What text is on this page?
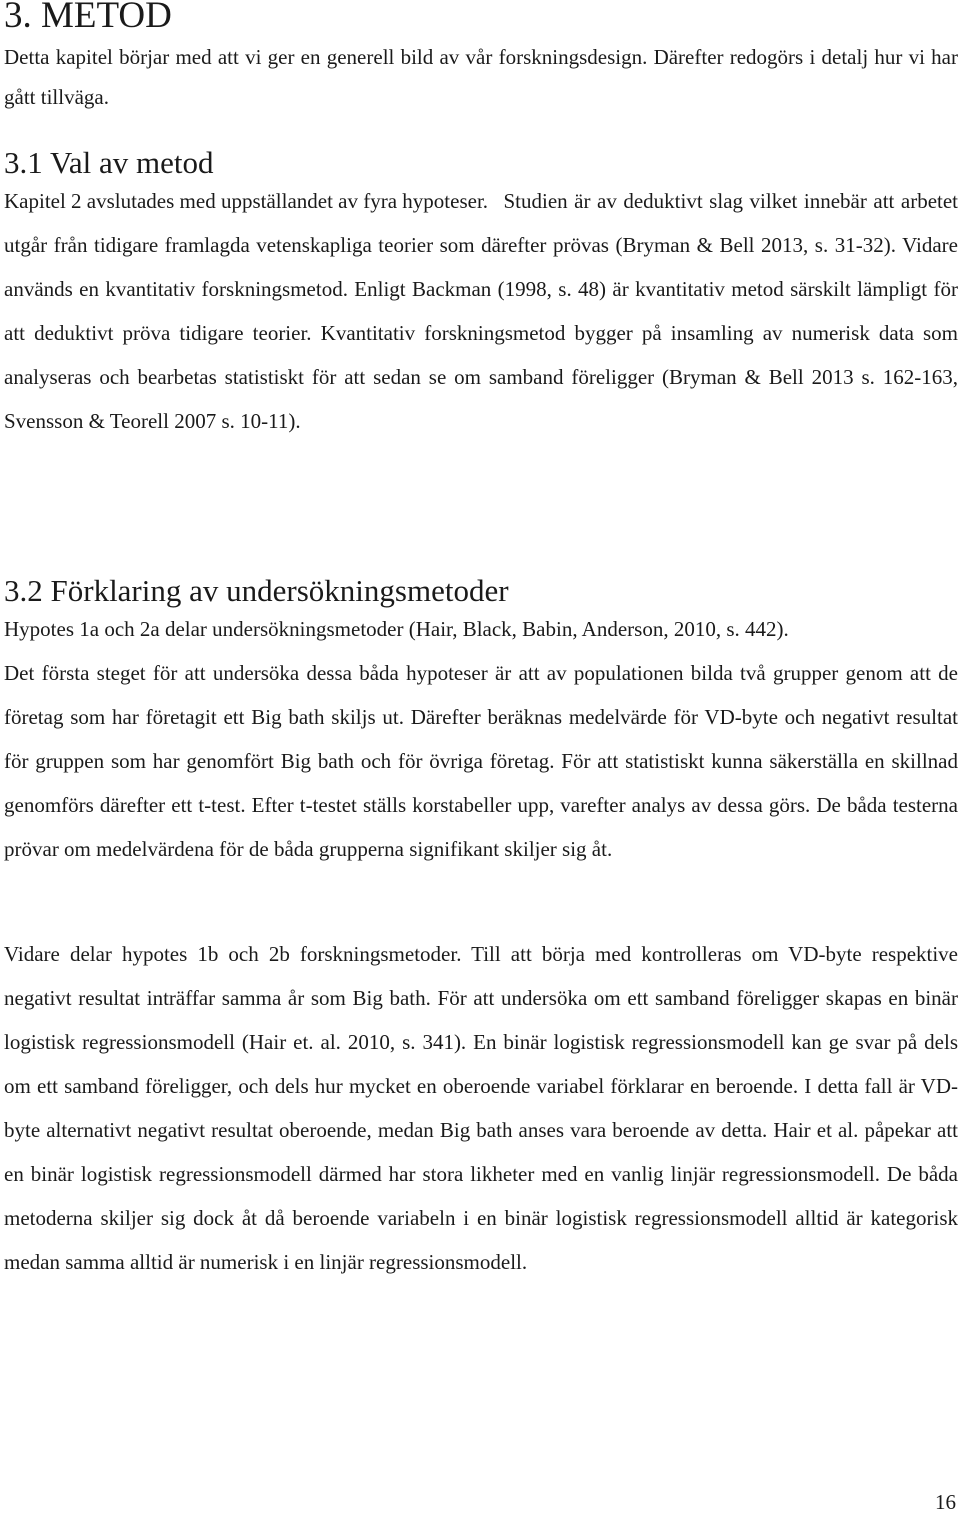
3. METOD

Detta kapitel börjar med att vi ger en generell bild av vår forskningsdesign. Därefter redogörs i detalj hur vi har gått tillväga.

3.1 Val av metod

Kapitel 2 avslutades med uppställandet av fyra hypoteser. Studien är av deduktivt slag vilket innebär att arbetet utgår från tidigare framlagda vetenskapliga teorier som därefter prövas (Bryman & Bell 2013, s. 31-32). Vidare används en kvantitativ forskningsmetod. Enligt Backman (1998, s. 48) är kvantitativ metod särskilt lämpligt för att deduktivt pröva tidigare teorier. Kvantitativ forskningsmetod bygger på insamling av numerisk data som analyseras och bearbetas statistiskt för att sedan se om samband föreligger (Bryman & Bell 2013 s. 162-163, Svensson & Teorell 2007 s. 10-11).

3.2 Förklaring av undersökningsmetoder

Hypotes 1a och 2a delar undersökningsmetoder (Hair, Black, Babin, Anderson, 2010, s. 442).

Det första steget för att undersöka dessa båda hypoteser är att av populationen bilda två grupper genom att de företag som har företagit ett Big bath skiljs ut. Därefter beräknas medelvärde för VD-byte och negativt resultat för gruppen som har genomfört Big bath och för övriga företag. För att statistiskt kunna säkerställa en skillnad genomförs därefter ett t-test. Efter t-testet ställs korstabeller upp, varefter analys av dessa görs. De båda testerna prövar om medelvärdena för de båda grupperna signifikant skiljer sig åt.

Vidare delar hypotes 1b och 2b forskningsmetoder. Till att börja med kontrolleras om VD-byte respektive negativt resultat inträffar samma år som Big bath. För att undersöka om ett samband föreligger skapas en binär logistisk regressionsmodell (Hair et. al. 2010, s. 341). En binär logistisk regressionsmodell kan ge svar på dels om ett samband föreligger, och dels hur mycket en oberoende variabel förklarar en beroende. I detta fall är VD-byte alternativt negativt resultat oberoende, medan Big bath anses vara beroende av detta. Hair et al. påpekar att en binär logistisk regressionsmodell därmed har stora likheter med en vanlig linjär regressionsmodell. De båda metoderna skiljer sig dock åt då beroende variabeln i en binär logistisk regressionsmodell alltid är kategorisk medan samma alltid är numerisk i en linjär regressionsmodell.

16
